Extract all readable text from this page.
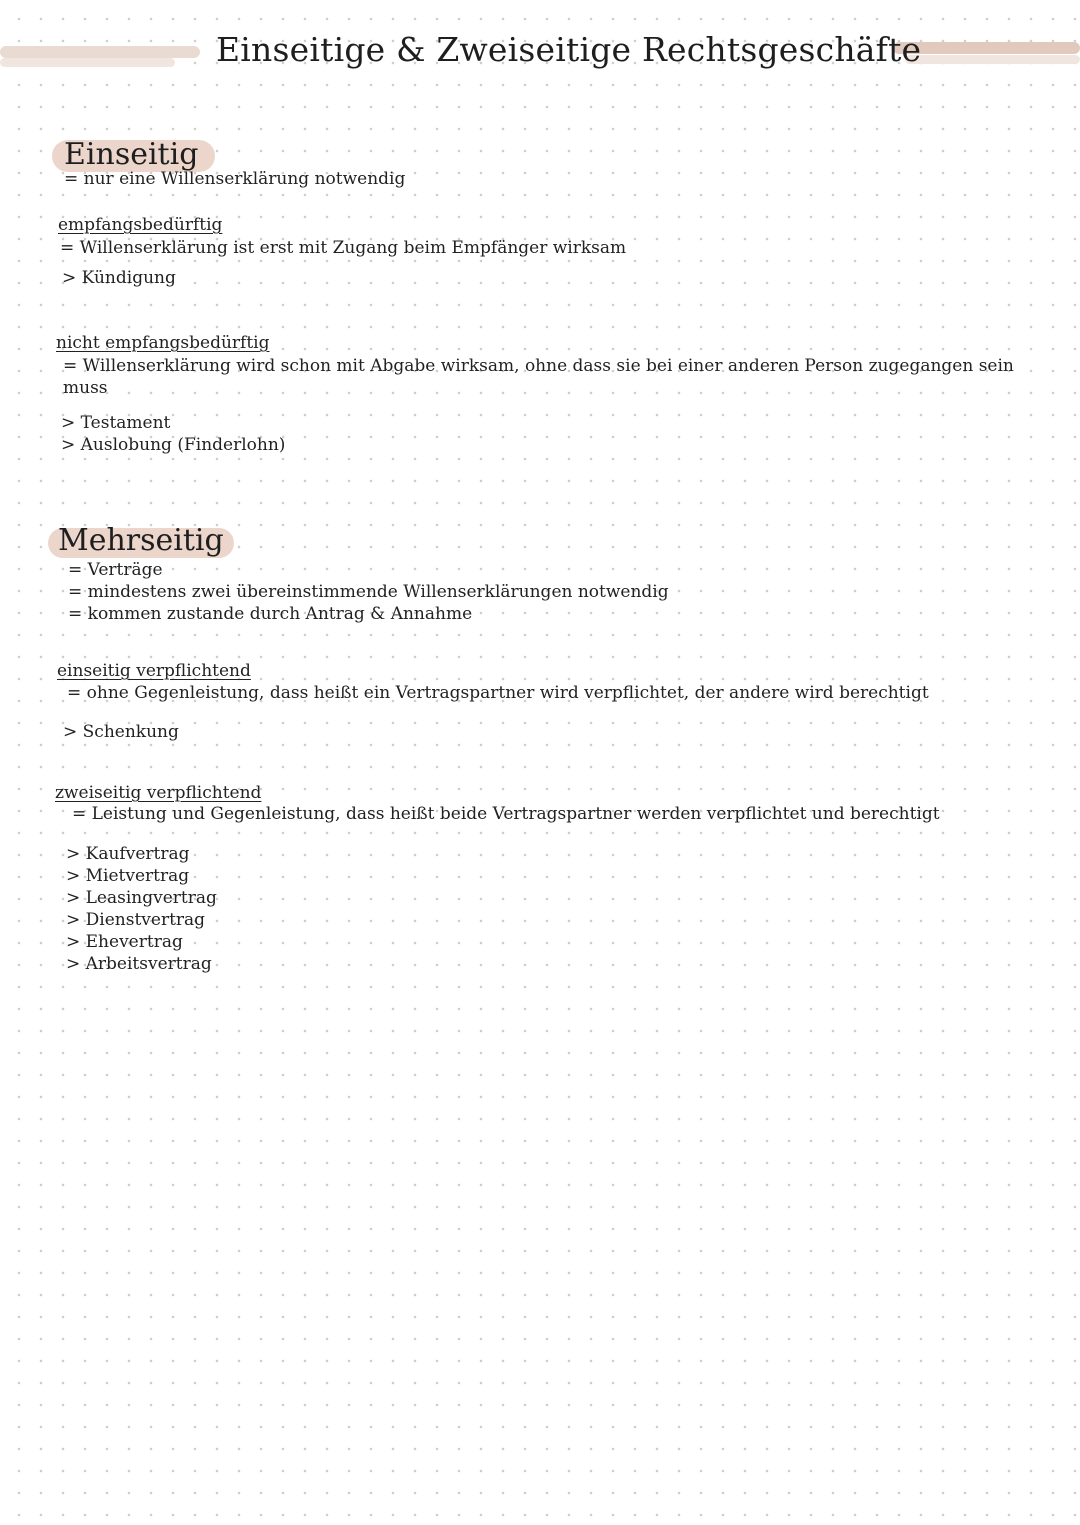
Einseitige & Zweiseitige Rechtsgeschäfte
Einseitig
= nur eine Willenserklärung notwendig
empfangsbedürftig
= Willenserklärung ist erst mit Zugang beim Empfänger wirksam
> Kündigung
nicht empfangsbedürftig
= Willenserklärung wird schon mit Abgabe wirksam, ohne dass sie bei einer anderen Person zugegangen sein muss
> Testament
> Auslobung (Finderlohn)
Mehrseitig
= Verträge
= mindestens zwei übereinstimmende Willenserklärungen notwendig
= kommen zustande durch Antrag & Annahme
einseitig verpflichtend
= ohne Gegenleistung, dass heißt ein Vertragspartner wird verpflichtet, der andere wird berechtigt
> Schenkung
zweiseitig verpflichtend
= Leistung und Gegenleistung, dass heißt beide Vertragspartner werden verpflichtet und berechtigt
> Kaufvertrag
> Mietvertrag
> Leasingvertrag
> Dienstvertrag
> Ehevertrag
> Arbeitsvertrag
